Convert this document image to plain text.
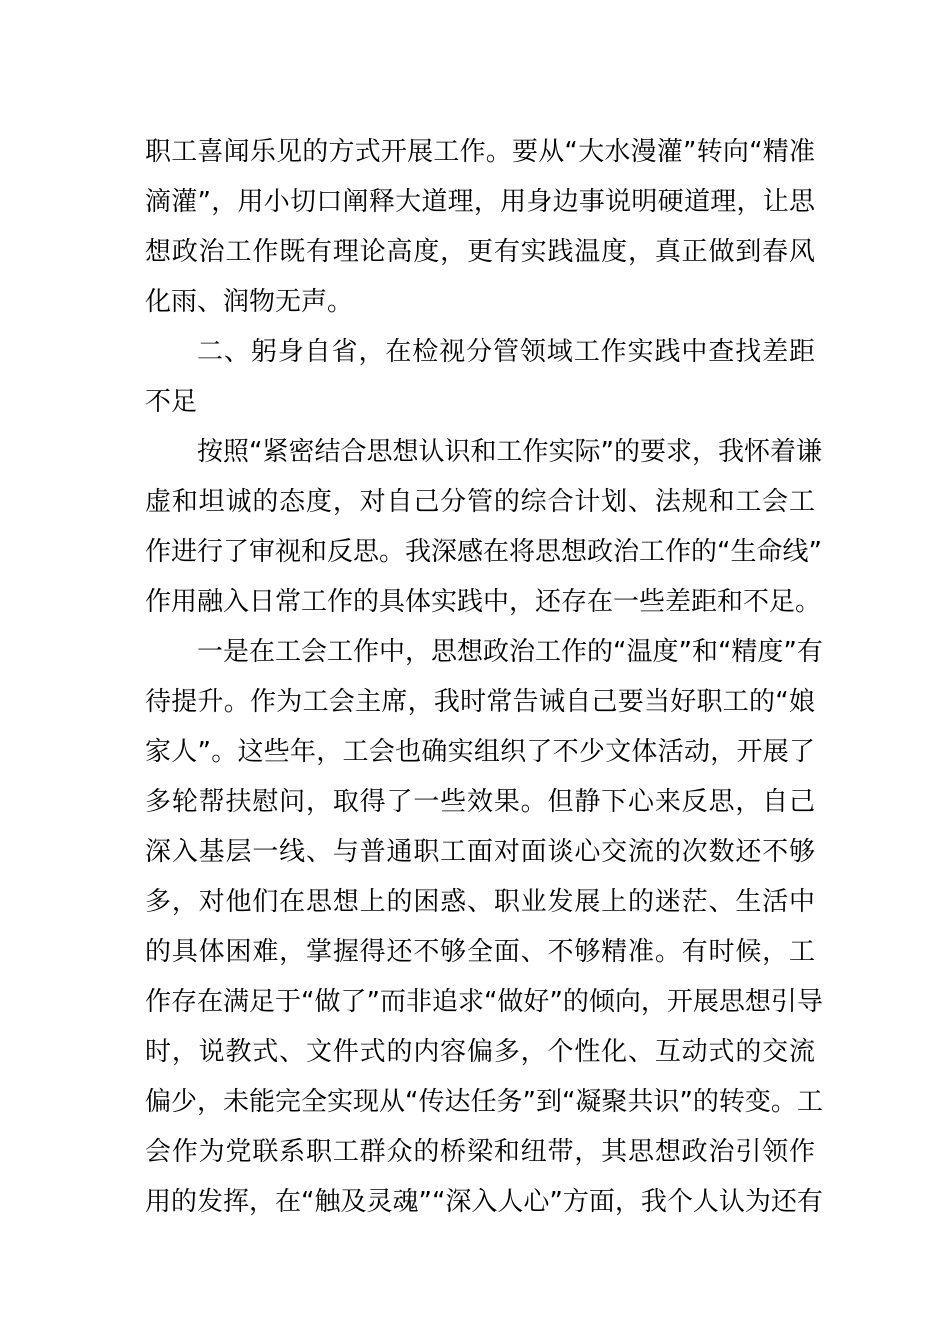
职工喜闻乐见的方式开展工作。要从“大水漫灌”转向“精准
滴灌”，用小切口阐释大道理，用身边事说明硬道理，让思
想政治工作既有理论高度，更有实践温度，真正做到春风
化雨、润物无声。
二、躬身自省，在检视分管领域工作实践中查找差距
不足
按照“紧密结合思想认识和工作实际”的要求，我怀着谦
虚和坦诚的态度，对自己分管的综合计划、法规和工会工
作进行了审视和反思。我深感在将思想政治工作的“生命线”
作用融入日常工作的具体实践中，还存在一些差距和不足。
一是在工会工作中，思想政治工作的“温度”和“精度”有
待提升。作为工会主席，我时常告诫自己要当好职工的“娘
家人”。这些年，工会也确实组织了不少文体活动，开展了
多轮帮扶慰问，取得了一些效果。但静下心来反思，自己
深入基层一线、与普通职工面对面谈心交流的次数还不够
多，对他们在思想上的困惑、职业发展上的迷茫、生活中
的具体困难，掌握得还不够全面、不够精准。有时候，工
作存在满足于“做了”而非追求“做好”的倾向，开展思想引导
时，说教式、文件式的内容偏多，个性化、互动式的交流
偏少，未能完全实现从“传达任务”到“凝聚共识”的转变。工
会作为党联系职工群众的桥梁和纽带，其思想政治引领作
用的发挥，在“触及灵魂”“深入人心”方面，我个人认为还有
